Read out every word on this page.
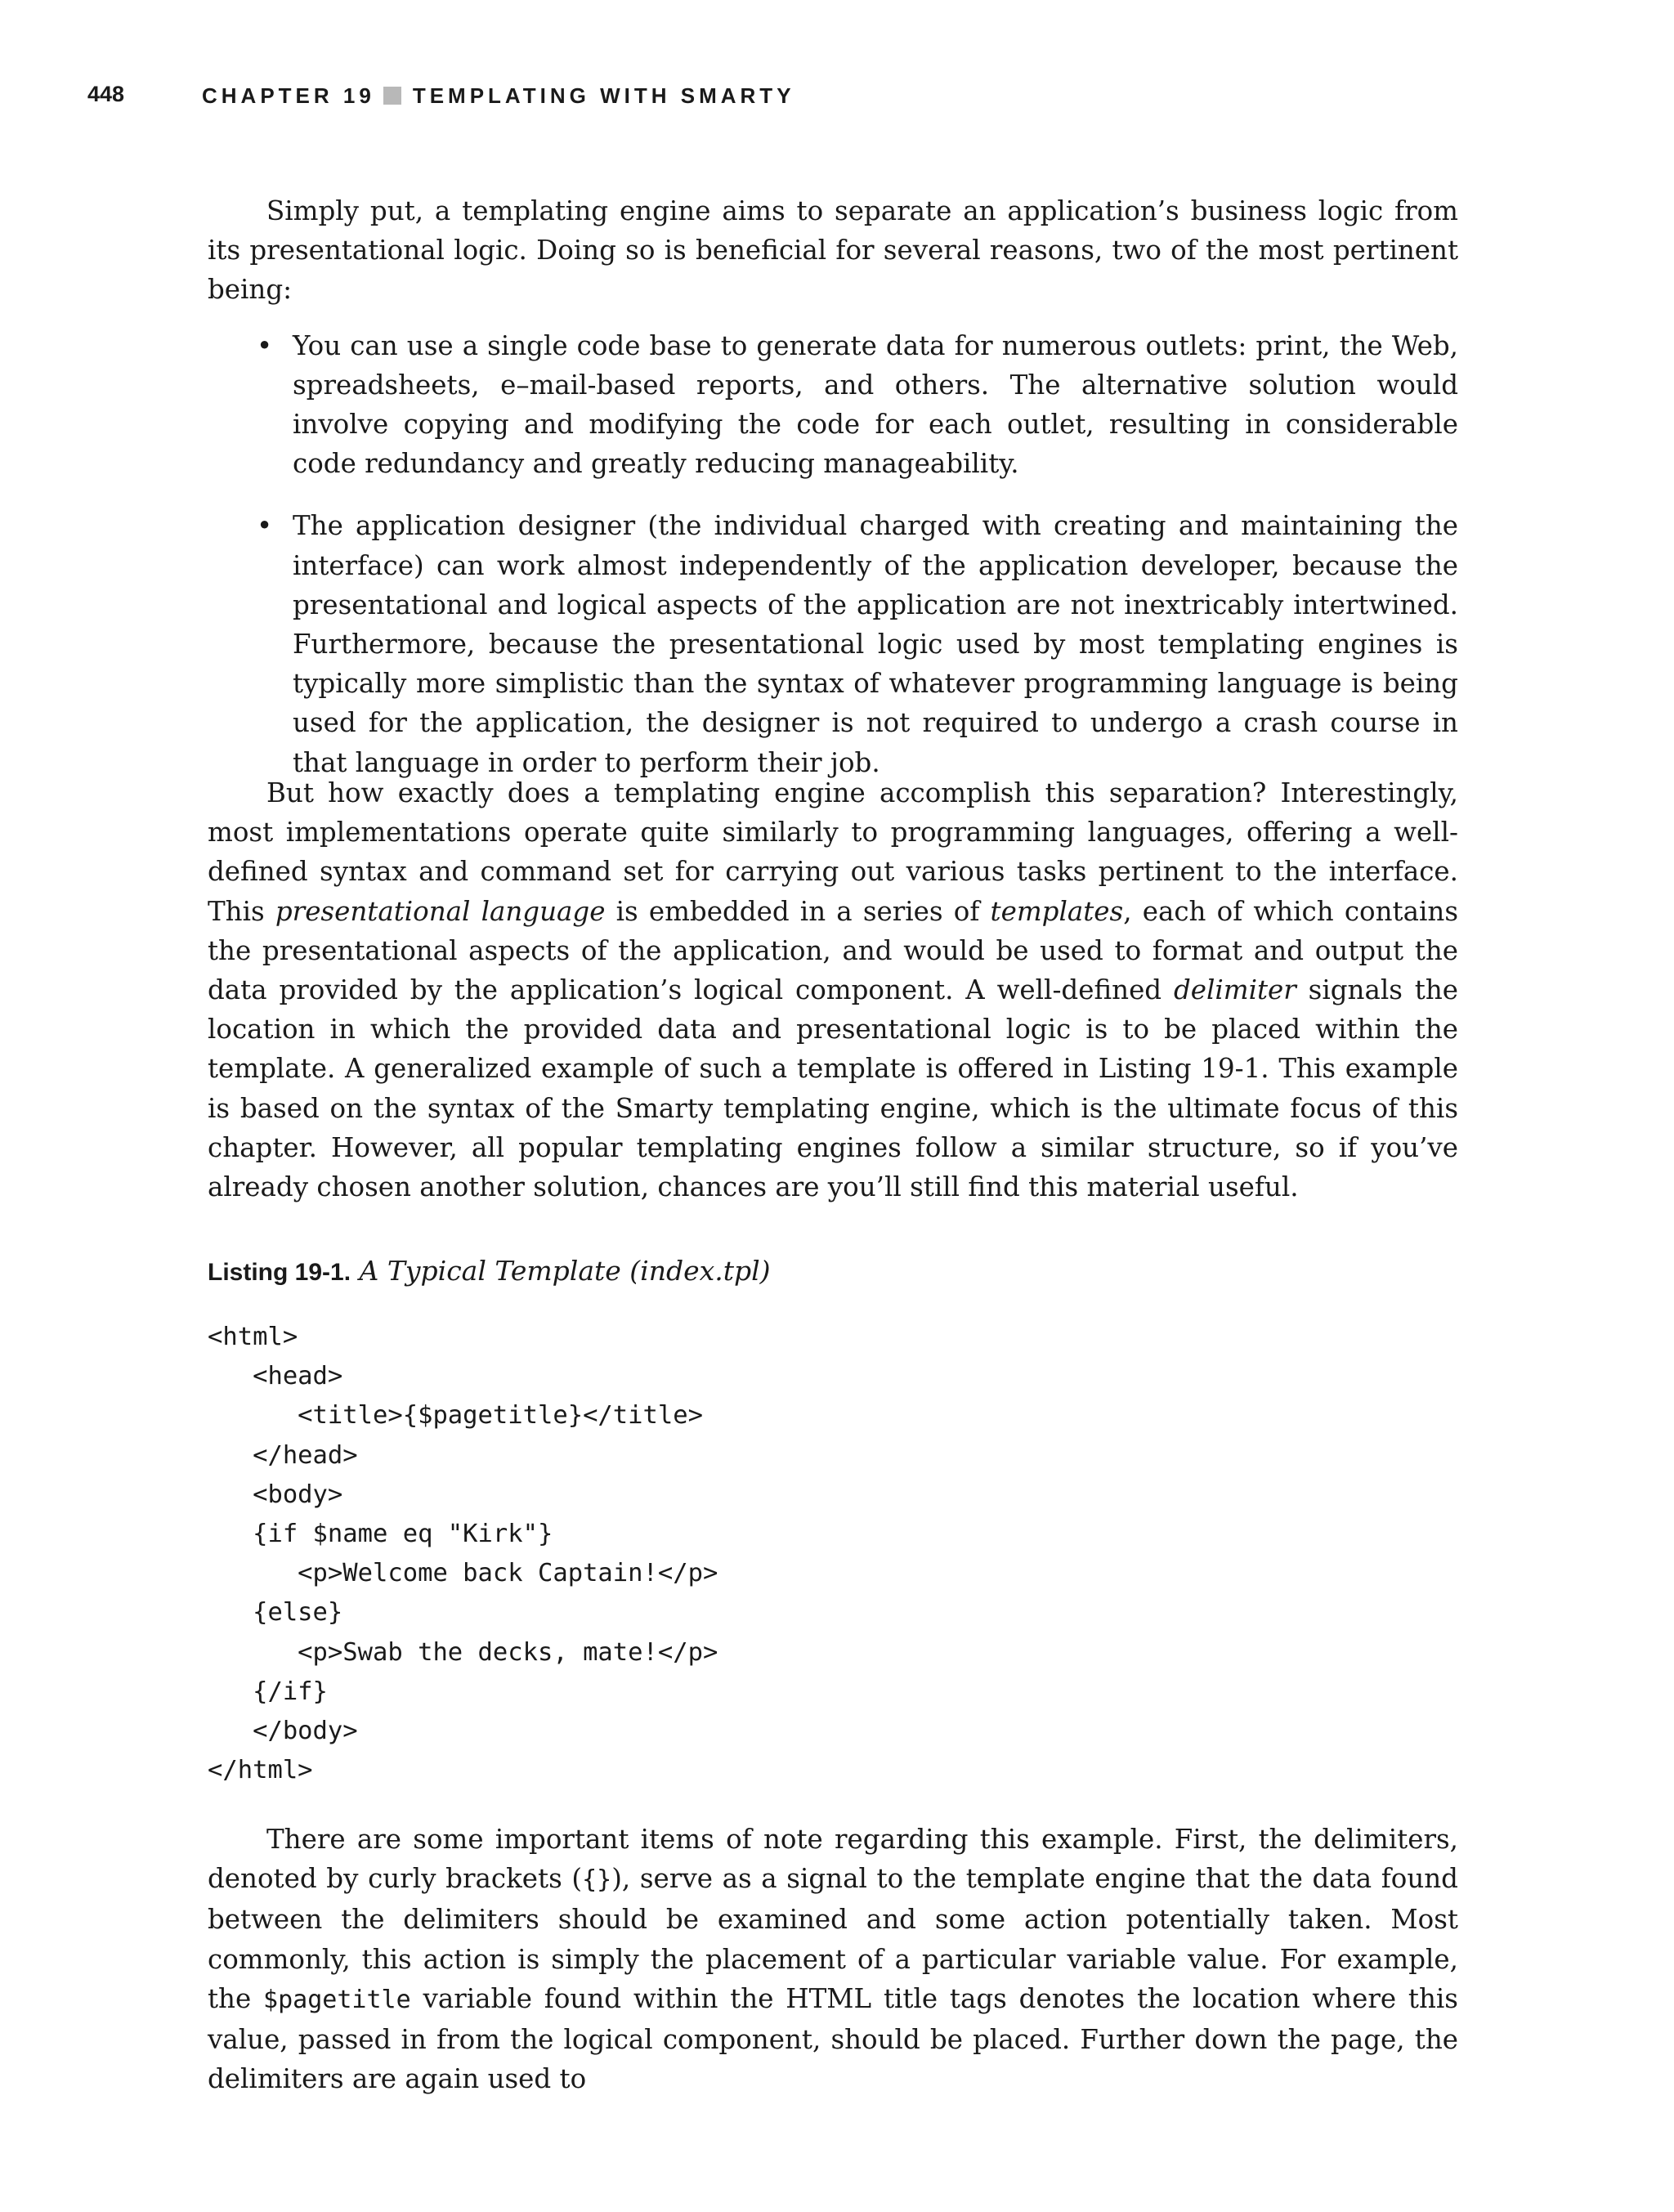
448	CHAPTER 19 TEMPLATING WITH SMARTY

Simply put, a templating engine aims to separate an application’s business logic from its presentational logic. Doing so is beneficial for several reasons, two of the most pertinent being:

• You can use a single code base to generate data for numerous outlets: print, the Web, spreadsheets, e–mail-based reports, and others. The alternative solution would involve copying and modifying the code for each outlet, resulting in considerable code redundancy and greatly reducing manageability.
• The application designer (the individual charged with creating and maintaining the interface) can work almost independently of the application developer, because the presentational and logical aspects of the application are not inextricably intertwined. Furthermore, because the presentational logic used by most templating engines is typically more simplistic than the syntax of whatever programming language is being used for the application, the designer is not required to undergo a crash course in that language in order to perform their job.

But how exactly does a templating engine accomplish this separation? Interestingly, most implementations operate quite similarly to programming languages, offering a well-defined syntax and command set for carrying out various tasks pertinent to the interface. This presentational language is embedded in a series of templates, each of which contains the presentational aspects of the application, and would be used to format and output the data provided by the application’s logical component. A well-defined delimiter signals the location in which the provided data and presentational logic is to be placed within the template. A generalized example of such a template is offered in Listing 19-1. This example is based on the syntax of the Smarty templating engine, which is the ultimate focus of this chapter. However, all popular templating engines follow a similar structure, so if you’ve already chosen another solution, chances are you’ll still find this material useful.

Listing 19-1. A Typical Template (index.tpl)
<html>
<head>
<title>{$pagetitle}</title>
</head>
<body>
{if $name eq "Kirk"}
<p>Welcome back Captain!</p>
{else}
<p>Swab the decks, mate!</p>
{/if}
</body>
</html>

There are some important items of note regarding this example. First, the delimiters, denoted by curly brackets ({}), serve as a signal to the template engine that the data found between the delimiters should be examined and some action potentially taken. Most commonly, this action is simply the placement of a particular variable value. For example, the $pagetitle variable found within the HTML title tags denotes the location where this value, passed in from the logical component, should be placed. Further down the page, the delimiters are again used to
